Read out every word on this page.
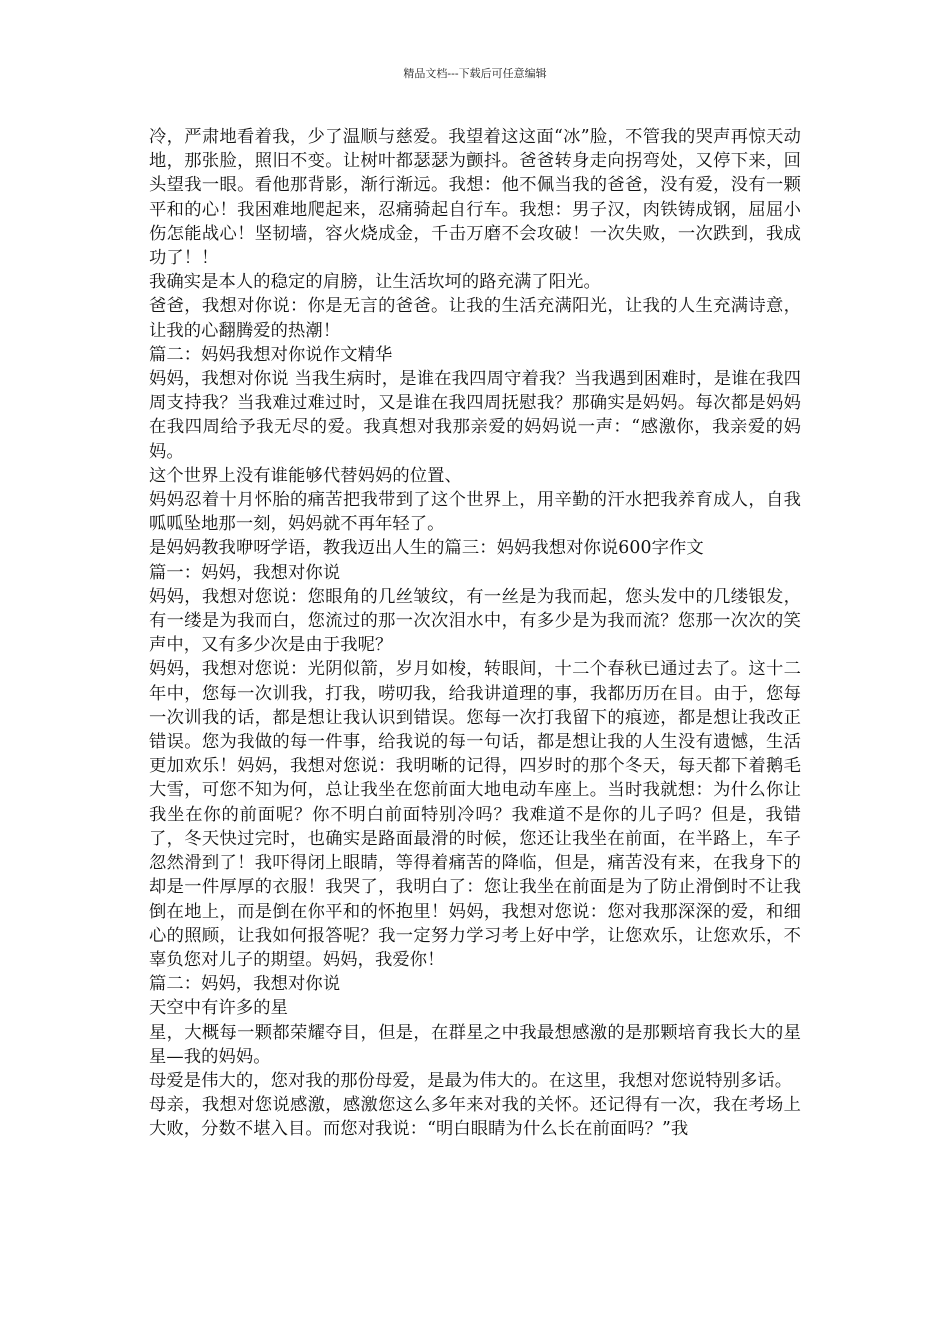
精品文档---下载后可任意编辑

冷，严肃地看着我，少了温顺与慈爱。我望着这这面“冰”脸，不管我的哭声再惊天动地，那张脸，照旧不变。让树叶都瑟瑟为颤抖。爸爸转身走向拐弯处，又停下来，回头望我一眼。看他那背影，渐行渐远。我想：他不佩当我的爸爸，没有爱，没有一颗平和的心！我困难地爬起来，忍痛骑起自行车。我想：男子汉，肉铁铸成钢，屈屈小伤怎能战心！坚韧墙，容火烧成金，千击万磨不会攻破！一次失败，一次跌到，我成功了！！

我确实是本人的稳定的肩膀，让生活坎坷的路充满了阳光。

爸爸，我想对你说：你是无言的爸爸。让我的生活充满阳光，让我的人生充满诗意，让我的心翻腾爱的热潮！

篇二：妈妈我想对你说作文精华

妈妈，我想对你说 当我生病时，是谁在我四周守着我？当我遇到困难时，是谁在我四周支持我？当我难过难过时，又是谁在我四周抚慰我？那确实是妈妈。每次都是妈妈在我四周给予我无尽的爱。我真想对我那亲爱的妈妈说一声：“感激你，我亲爱的妈妈。

这个世界上没有谁能够代替妈妈的位置、

妈妈忍着十月怀胎的痛苦把我带到了这个世界上，用辛勤的汗水把我养育成人，自我呱呱坠地那一刻，妈妈就不再年轻了。

是妈妈教我咿呀学语，教我迈出人生的篇三：妈妈我想对你说600字作文

篇一：妈妈，我想对你说

妈妈，我想对您说：您眼角的几丝皱纹，有一丝是为我而起，您头发中的几缕银发，有一缕是为我而白，您流过的那一次次泪水中，有多少是为我而流？您那一次次的笑声中，又有多少次是由于我呢？

妈妈，我想对您说：光阴似箭，岁月如梭，转眼间，十二个春秋已通过去了。这十二年中，您每一次训我，打我，唠叨我，给我讲道理的事，我都历历在目。由于，您每一次训我的话，都是想让我认识到错误。您每一次打我留下的痕迹，都是想让我改正错误。您为我做的每一件事，给我说的每一句话，都是想让我的人生没有遗憾，生活更加欢乐！妈妈，我想对您说：我明晰的记得，四岁时的那个冬天，每天都下着鹅毛大雪，可您不知为何，总让我坐在您前面大地电动车座上。当时我就想：为什么你让我坐在你的前面呢？你不明白前面特别冷吗？我难道不是你的儿子吗？但是，我错了，冬天快过完时，也确实是路面最滑的时候，您还让我坐在前面，在半路上，车子忽然滑到了！我吓得闭上眼睛，等得着痛苦的降临，但是，痛苦没有来，在我身下的却是一件厚厚的衣服！我哭了，我明白了：您让我坐在前面是为了防止滑倒时不让我倒在地上，而是倒在你平和的怀抱里！妈妈，我想对您说：您对我那深深的爱，和细心的照顾，让我如何报答呢？我一定努力学习考上好中学，让您欢乐，让您欢乐，不辜负您对儿子的期望。妈妈，我爱你！

篇二：妈妈，我想对你说

天空中有许多的星

星，大概每一颗都荣耀夺目，但是，在群星之中我最想感激的是那颗培育我长大的星星—我的妈妈。

母爱是伟大的，您对我的那份母爱，是最为伟大的。在这里，我想对您说特别多话。

母亲，我想对您说感激，感激您这么多年来对我的关怀。还记得有一次，我在考场上大败，分数不堪入目。而您对我说：“明白眼睛为什么长在前面吗？”我
